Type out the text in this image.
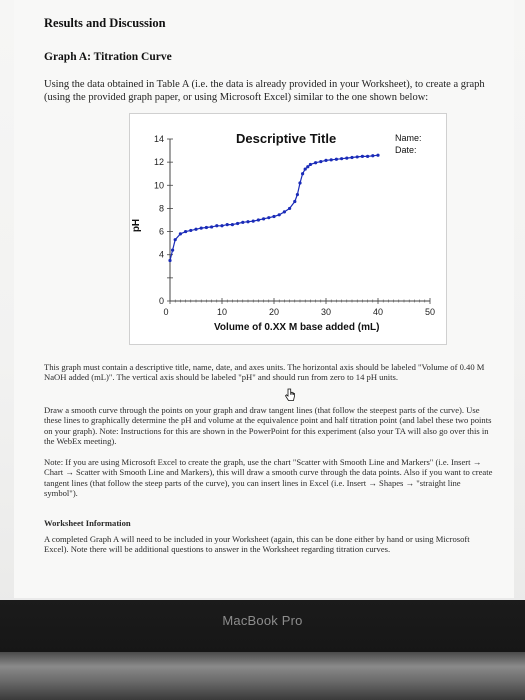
Results and Discussion
Graph A: Titration Curve
Using the data obtained in Table A (i.e. the data is already provided in your Worksheet), to create a graph (using the provided graph paper, or using Microsoft Excel) similar to the one shown below:
0
4
6
8
10
12
14
0	10	20	30	40	50
Descriptive Title	Name:
Date:
Volume of 0.XX M base added (mL)
pH
This graph must contain a descriptive title, name, date, and axes units. The horizontal axis should be labeled "Volume of 0.40 M NaOH added (mL)". The vertical axis should be labeled "pH" and should run from zero to 14 pH units.
Draw a smooth curve through the points on your graph and draw tangent lines (that follow the steepest parts of the curve). Use these lines to graphically determine the pH and volume at the equivalence point and half titration point (and label these two points on your graph). Note: Instructions for this are shown in the PowerPoint for this experiment (also your TA will also go over this in the WebEx meeting).
Note: If you are using Microsoft Excel to create the graph, use the chart "Scatter with Smooth Line and Markers" (i.e. Insert → Chart → Scatter with Smooth Line and Markers), this will draw a smooth curve through the data points. Also if you want to create tangent lines (that follow the steep parts of the curve), you can insert lines in Excel (i.e. Insert → Shapes → "straight line symbol").
Worksheet Information
A completed Graph A will need to be included in your Worksheet (again, this can be done either by hand or using Microsoft Excel). Note there will be additional questions to answer in the Worksheet regarding titration curves.
MacBook Pro
